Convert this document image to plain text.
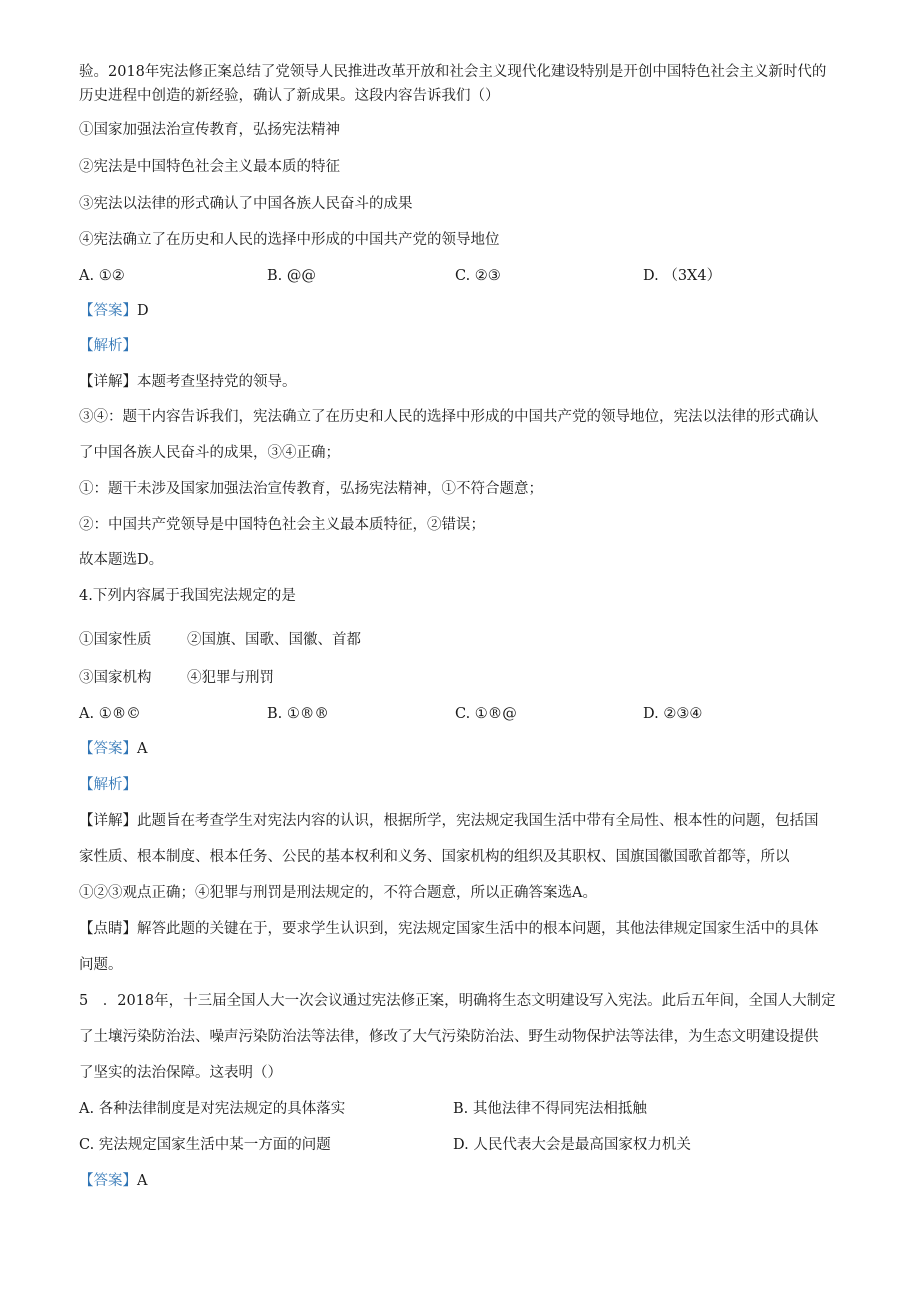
验。2018年宪法修正案总结了党领导人民推进改革开放和社会主义现代化建设特别是开创中国特色社会主义新时代的

历史进程中创造的新经验，确认了新成果。这段内容告诉我们（）

①国家加强法治宣传教育，弘扬宪法精神

②宪法是中国特色社会主义最本质的特征

③宪法以法律的形式确认了中国各族人民奋斗的成果

④宪法确立了在历史和人民的选择中形成的中国共产党的领导地位

A. ①②	B. @@	C. ②③	D. （3X4）

【答案】D

【解析】

【详解】本题考查坚持党的领导。

③④：题干内容告诉我们，宪法确立了在历史和人民的选择中形成的中国共产党的领导地位，宪法以法律的形式确认

了中国各族人民奋斗的成果，③④正确；

①：题干未涉及国家加强法治宣传教育，弘扬宪法精神，①不符合题意；

②：中国共产党领导是中国特色社会主义最本质特征，②错误；

故本题选D。

4.下列内容属于我国宪法规定的是

①国家性质 ②国旗、国歌、国徽、首都

③国家机构 ④犯罪与刑罚

A. ①®©	B. ①®®	C. ①®@	D. ②③④

【答案】A

【解析】

【详解】此题旨在考查学生对宪法内容的认识，根据所学，宪法规定我国生活中带有全局性、根本性的问题，包括国

家性质、根本制度、根本任务、公民的基本权利和义务、国家机构的组织及其职权、国旗国徽国歌首都等，所以

①②③观点正确；④犯罪与刑罚是刑法规定的，不符合题意，所以正确答案选A。

【点睛】解答此题的关键在于，要求学生认识到，宪法规定国家生活中的根本问题，其他法律规定国家生活中的具体

问题。

5　．2018年，十三届全国人大一次会议通过宪法修正案，明确将生态文明建设写入宪法。此后五年间，全国人大制定

了土壤污染防治法、噪声污染防治法等法律，修改了大气污染防治法、野生动物保护法等法律，为生态文明建设提供

了坚实的法治保障。这表明（）

A. 各种法律制度是对宪法规定的具体落实	B. 其他法律不得同宪法相抵触

C. 宪法规定国家生活中某一方面的问题	D. 人民代表大会是最高国家权力机关

【答案】A
